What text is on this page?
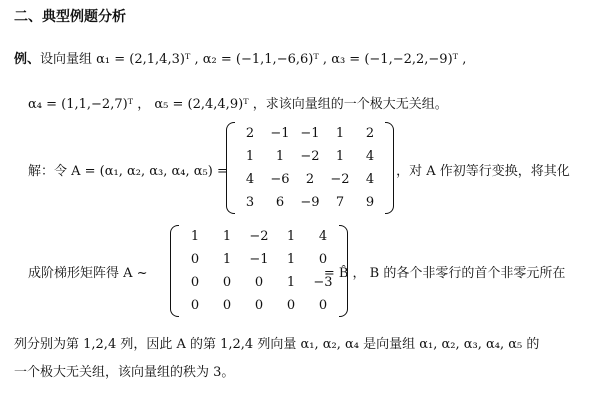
二、典型例题分析
例、设向量组 α₁ = (2,1,4,3)ᵀ , α₂ = (−1,1,−6,6)ᵀ , α₃ = (−1,−2,2,−9)ᵀ ,
α₄ = (1,1,−2,7)ᵀ ， α₅ = (2,4,4,9)ᵀ ，求该向量组的一个极大无关组。
解：令 A = (α₁, α₂, α₃, α₄, α₅) =	，对 A 作初等行变换，将其化
2	−1	−1	1	2
1	1	−2	1	4
4	−6	2	−2	4
3	6	−9	7	9
成阶梯形矩阵得 A ~	= B̂ ， B 的各个非零行的首个非零元所在
1	1	−2	1	4
0	1	−1	1	0
0	0	0	1	−3
0	0	0	0	0
列分别为第 1,2,4 列，因此 A 的第 1,2,4 列向量 α₁, α₂, α₄ 是向量组 α₁, α₂, α₃, α₄, α₅ 的
一个极大无关组，该向量组的秩为 3。
